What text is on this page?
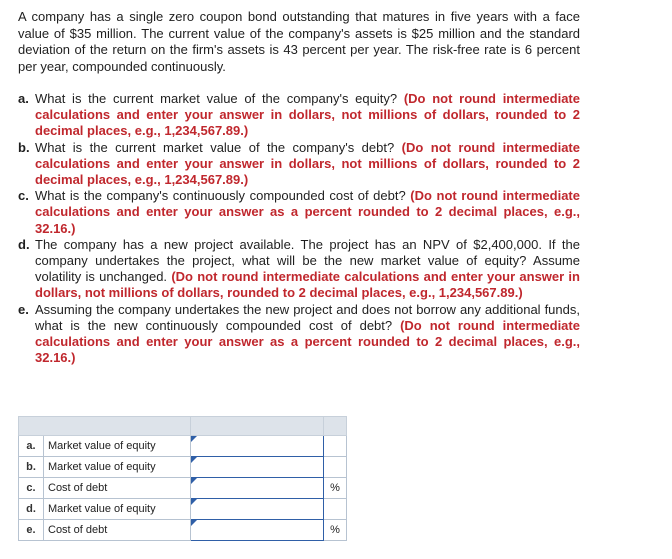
A company has a single zero coupon bond outstanding that matures in five years with a face value of $35 million. The current value of the company's assets is $25 million and the standard deviation of the return on the firm's assets is 43 percent per year. The risk-free rate is 6 percent per year, compounded continuously.

a. What is the current market value of the company's equity? (Do not round intermediate calculations and enter your answer in dollars, not millions of dollars, rounded to 2 decimal places, e.g., 1,234,567.89.)
b. What is the current market value of the company's debt? (Do not round intermediate calculations and enter your answer in dollars, not millions of dollars, rounded to 2 decimal places, e.g., 1,234,567.89.)
c. What is the company's continuously compounded cost of debt? (Do not round intermediate calculations and enter your answer as a percent rounded to 2 decimal places, e.g., 32.16.)
d. The company has a new project available. The project has an NPV of $2,400,000. If the company undertakes the project, what will be the new market value of equity? Assume volatility is unchanged. (Do not round intermediate calculations and enter your answer in dollars, not millions of dollars, rounded to 2 decimal places, e.g., 1,234,567.89.)
e. Assuming the company undertakes the new project and does not borrow any additional funds, what is the new continuously compounded cost of debt? (Do not round intermediate calculations and enter your answer as a percent rounded to 2 decimal places, e.g., 32.16.)

a.	Market value of equity	

b.	Market value of equity	

c.	Cost of debt		%
d.	Market value of equity	

e.	Cost of debt		%
